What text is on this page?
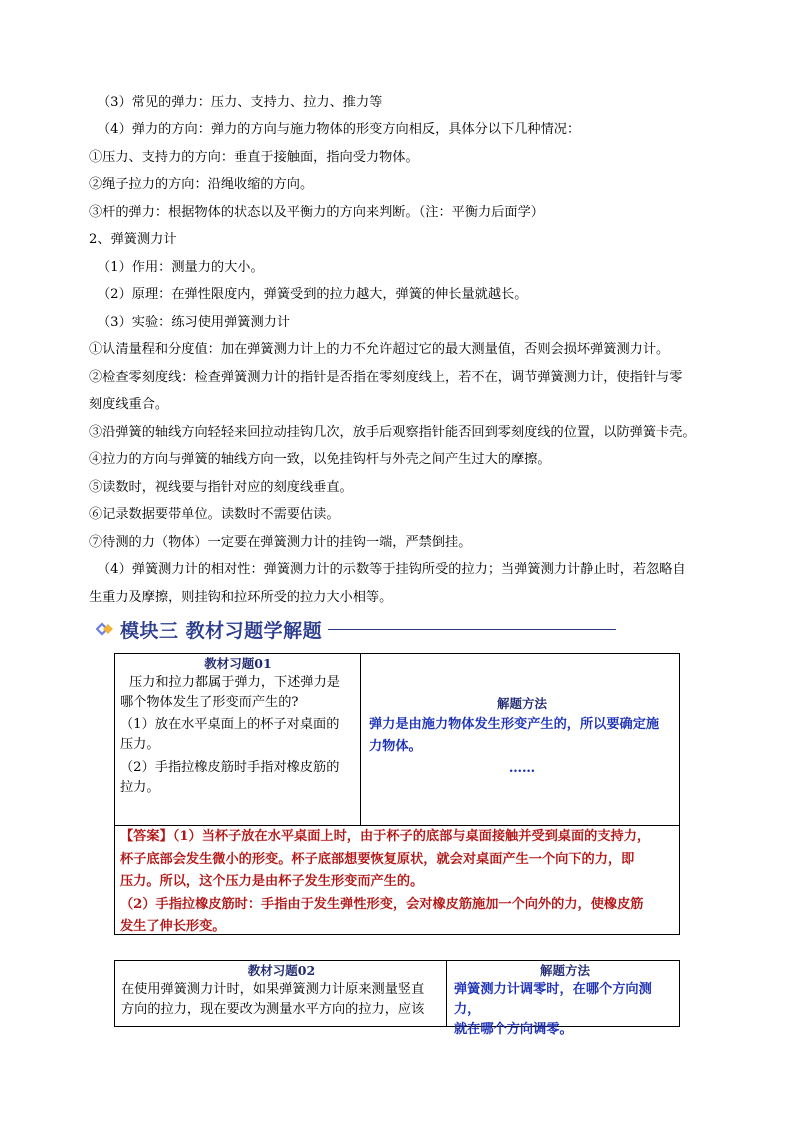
（3）常见的弹力：压力、支持力、拉力、推力等

（4）弹力的方向：弹力的方向与施力物体的形变方向相反，具体分以下几种情况：

①压力、支持力的方向：垂直于接触面，指向受力物体。

②绳子拉力的方向：沿绳收缩的方向。

③杆的弹力：根据物体的状态以及平衡力的方向来判断。（注：平衡力后面学）

2、弹簧测力计

（1）作用：测量力的大小。

（2）原理：在弹性限度内，弹簧受到的拉力越大，弹簧的伸长量就越长。

（3）实验：练习使用弹簧测力计

①认清量程和分度值：加在弹簧测力计上的力不允许超过它的最大测量值，否则会损坏弹簧测力计。

②检查零刻度线：检查弹簧测力计的指针是否指在零刻度线上，若不在，调节弹簧测力计，使指针与零

刻度线重合。

③沿弹簧的轴线方向轻轻来回拉动挂钩几次，放手后观察指针能否回到零刻度线的位置，以防弹簧卡壳。

④拉力的方向与弹簧的轴线方向一致，以免挂钩杆与外壳之间产生过大的摩擦。

⑤读数时，视线要与指针对应的刻度线垂直。

⑥记录数据要带单位。读数时不需要估读。

⑦待测的力（物体）一定要在弹簧测力计的挂钩一端，严禁倒挂。

（4）弹簧测力计的相对性：弹簧测力计的示数等于挂钩所受的拉力；当弹簧测力计静止时，若忽略自

生重力及摩擦，则挂钩和拉环所受的拉力大小相等。

模块三 教材习题学解题
教材习题01
压力和拉力都属于弹力，下述弹力是
哪个物体发生了形变而产生的?
（1）放在水平桌面上的杯子对桌面的
压力。
（2）手指拉橡皮筋时手指对橡皮筋的
拉力。
解题方法
弹力是由施力物体发生形变产生的，所以要确定施
力物体。
……
【答案】（1）当杯子放在水平桌面上时，由于杯子的底部与桌面接触并受到桌面的支持力，
杯子底部会发生微小的形变。杯子底部想要恢复原状，就会对桌面产生一个向下的力，即
压力。所以，这个压力是由杯子发生形变而产生的。
（2）手指拉橡皮筋时：手指由于发生弹性形变，会对橡皮筋施加一个向外的力，使橡皮筋
发生了伸长形变。
教材习题02
在使用弹簧测力计时，如果弹簧测力计原来测量竖直
方向的拉力，现在要改为测量水平方向的拉力，应该
解题方法
弹簧测力计调零时，在哪个方向测力，
就在哪个方向调零。
